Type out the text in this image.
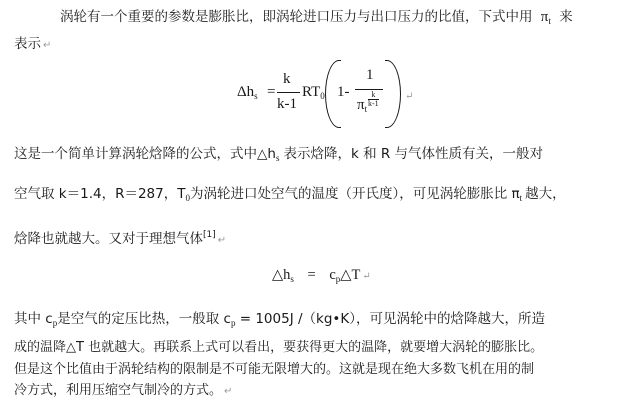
涡轮有一个重要的参数是膨胀比，即涡轮进口压力与出口压力的比值，下式中用 $\pi_t$ 来
表示 ↵
$\Delta h_s$ =
k
k-1
$RT_0$ 1-
1
$\pi_t$
k
k-1
↵
这是一个简单计算涡轮焓降的公式，式中$\triangle h_s$ 表示焓降，k 和 R 与气体性质有关，一般对
空气取 k＝1.4，R＝287，$T_0$为涡轮进口处空气的温度（开氏度），可见涡轮膨胀比 $\pi_t$ 越大，
焓降也就越大。又对于理想气体[1] ↵
$\triangle h_s$ = $c_p\triangle T$ ↵
其中 $c_p$是空气的定压比热，一般取 $c_p = 1005J$ /（kg•K），可见涡轮中的焓降越大，所造
成的温降△T 也就越大。再联系上式可以看出，要获得更大的温降，就要增大涡轮的膨胀比。
但是这个比值由于涡轮结构的限制是不可能无限增大的。这就是现在绝大多数飞机在用的制
冷方式，利用压缩空气制冷的方式。 ↵
